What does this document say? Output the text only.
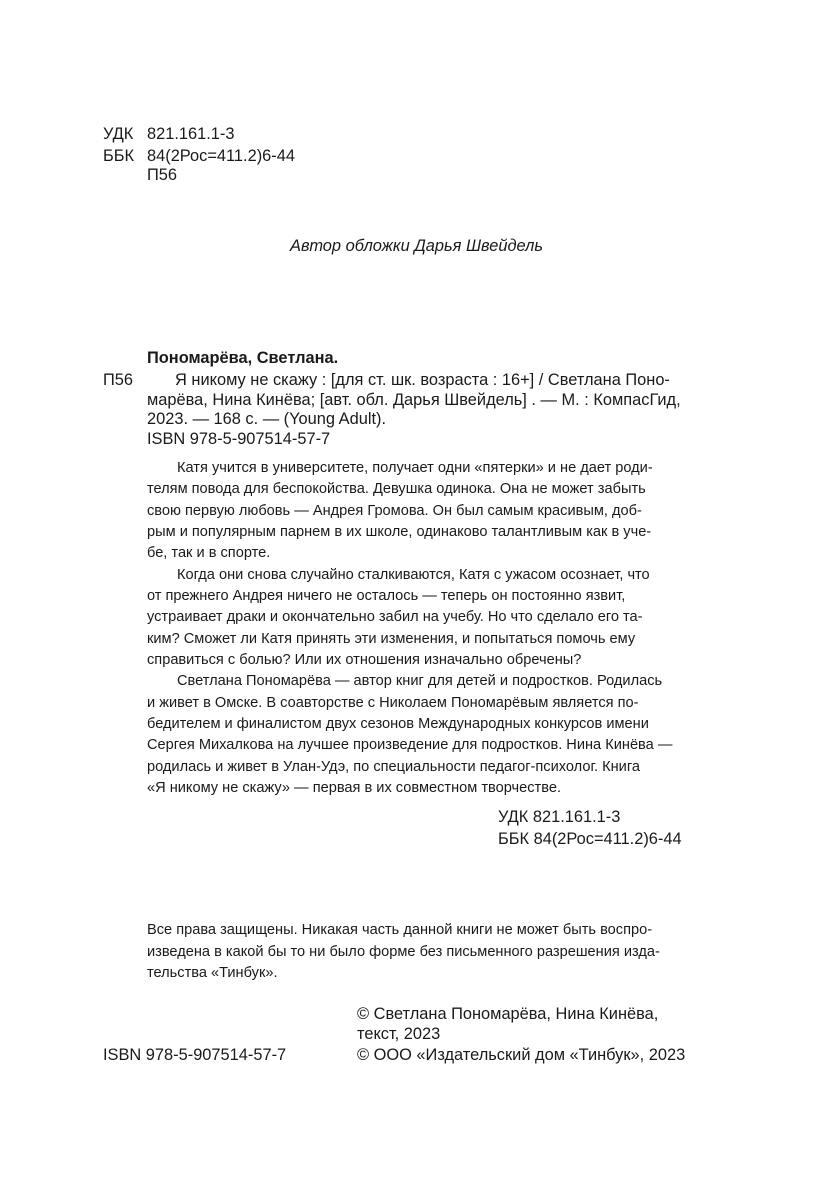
УДК 821.161.1-3
ББК 84(2Рос=411.2)6-44
П56
Автор обложки Дарья Швейдель
Пономарёва, Светлана.
П56	Я никому не скажу : [для ст. шк. возраста : 16+] / Светлана Поно-
марёва, Нина Кинёва; [авт. обл. Дарья Швейдель] . — М. : КомпасГид,
2023. — 168 с. — (Young Adult).
ISBN 978-5-907514-57-7
Катя учится в университете, получает одни «пятерки» и не дает роди-
телям повода для беспокойства. Девушка одинока. Она не может забыть
свою первую любовь — Андрея Громова. Он был самым красивым, доб-
рым и популярным парнем в их школе, одинаково талантливым как в уче-
бе, так и в спорте.
Когда они снова случайно сталкиваются, Катя с ужасом осознает, что
от прежнего Андрея ничего не осталось — теперь он постоянно язвит,
устраивает драки и окончательно забил на учебу. Но что сделало его та-
ким? Сможет ли Катя принять эти изменения, и попытаться помочь ему
справиться с болью? Или их отношения изначально обречены?
Светлана Пономарёва — автор книг для детей и подростков. Родилась
и живет в Омске. В соавторстве с Николаем Пономарёвым является по-
бедителем и финалистом двух сезонов Международных конкурсов имени
Сергея Михалкова на лучшее произведение для подростков. Нина Кинёва —
родилась и живет в Улан-Удэ, по специальности педагог-психолог. Книга
«Я никому не скажу» — первая в их совместном творчестве.
УДК 821.161.1-3
ББК 84(2Рос=411.2)6-44
Все права защищены. Никакая часть данной книги не может быть воспро-
изведена в какой бы то ни было форме без письменного разрешения изда-
тельства «Тинбук».
ISBN 978-5-907514-57-7
© Светлана Пономарёва, Нина Кинёва,
текст, 2023
© ООО «Издательский дом «Тинбук», 2023
